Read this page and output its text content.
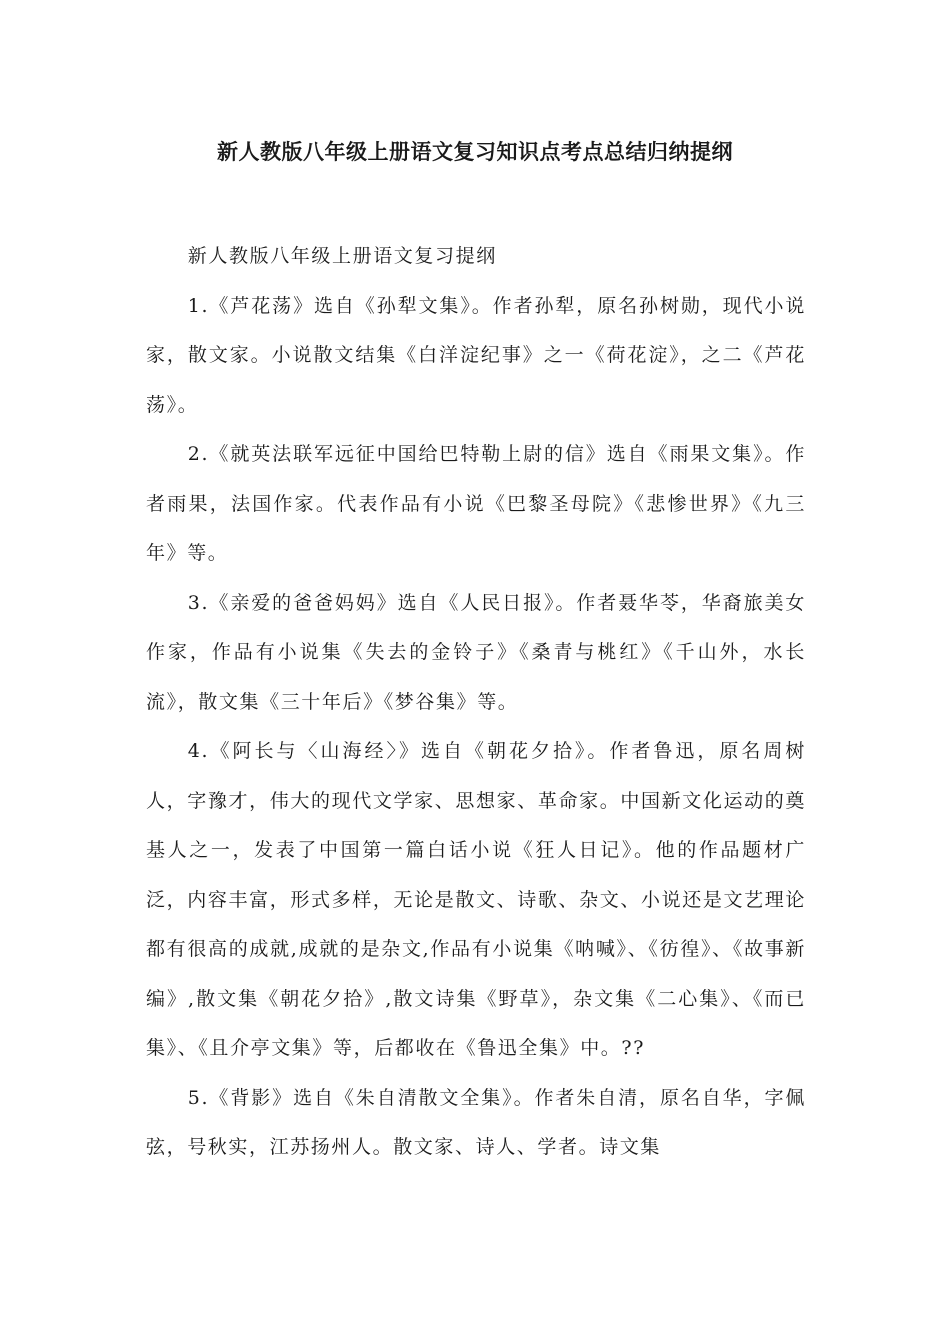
新人教版八年级上册语文复习知识点考点总结归纳提纲

新人教版八年级上册语文复习提纲

1.《芦花荡》选自《孙犁文集》。作者孙犁，原名孙树勋，现代小说家，散文家。小说散文结集《白洋淀纪事》之一《荷花淀》，之二《芦花荡》。

2.《就英法联军远征中国给巴特勒上尉的信》选自《雨果文集》。作者雨果，法国作家。代表作品有小说《巴黎圣母院》《悲惨世界》《九三年》等。

3.《亲爱的爸爸妈妈》选自《人民日报》。作者聂华苓，华裔旅美女作家，作品有小说集《失去的金铃子》《桑青与桃红》《千山外，水长流》，散文集《三十年后》《梦谷集》等。

4.《阿长与〈山海经〉》选自《朝花夕拾》。作者鲁迅，原名周树人，字豫才，伟大的现代文学家、思想家、革命家。中国新文化运动的奠基人之一，发表了中国第一篇白话小说《狂人日记》。他的作品题材广泛，内容丰富，形式多样，无论是散文、诗歌、杂文、小说还是文艺理论都有很高的成就,成就的是杂文,作品有小说集《呐喊》、《彷徨》、《故事新编》,散文集《朝花夕拾》,散文诗集《野草》，杂文集《二心集》、《而已集》、《且介亭文集》等，后都收在《鲁迅全集》中。??

5.《背影》选自《朱自清散文全集》。作者朱自清，原名自华，字佩弦，号秋实，江苏扬州人。散文家、诗人、学者。诗文集
